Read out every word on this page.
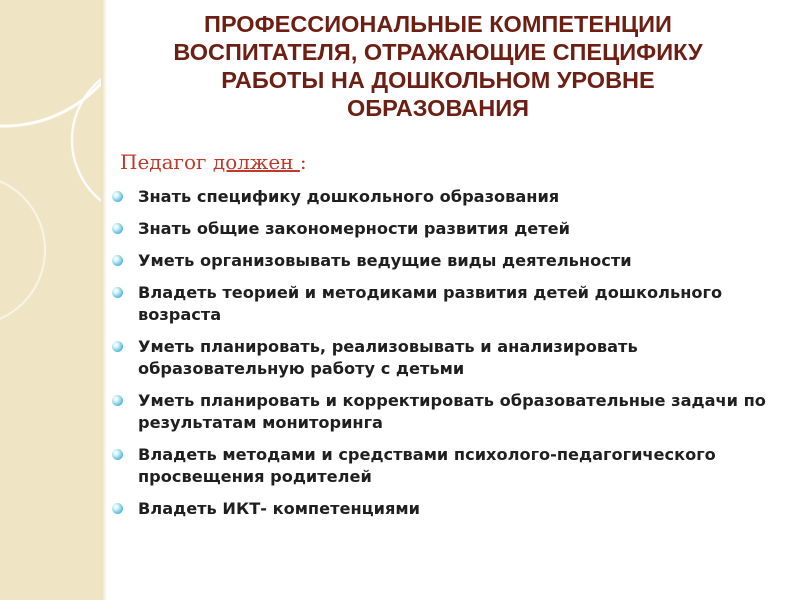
ПРОФЕССИОНАЛЬНЫЕ КОМПЕТЕНЦИИ
ВОСПИТАТЕЛЯ, ОТРАЖАЮЩИЕ СПЕЦИФИКУ
РАБОТЫ НА ДОШКОЛЬНОМ УРОВНЕ
ОБРАЗОВАНИЯ
Педагог должен :
Знать специфику дошкольного образования
Знать общие закономерности развития детей
Уметь организовывать ведущие виды деятельности
Владеть теорией и методиками развития детей дошкольного возраста
Уметь планировать, реализовывать и анализировать образовательную работу с детьми
Уметь планировать и корректировать образовательные задачи по результатам мониторинга
Владеть методами и средствами психолого-педагогического просвещения родителей
Владеть ИКТ- компетенциями
